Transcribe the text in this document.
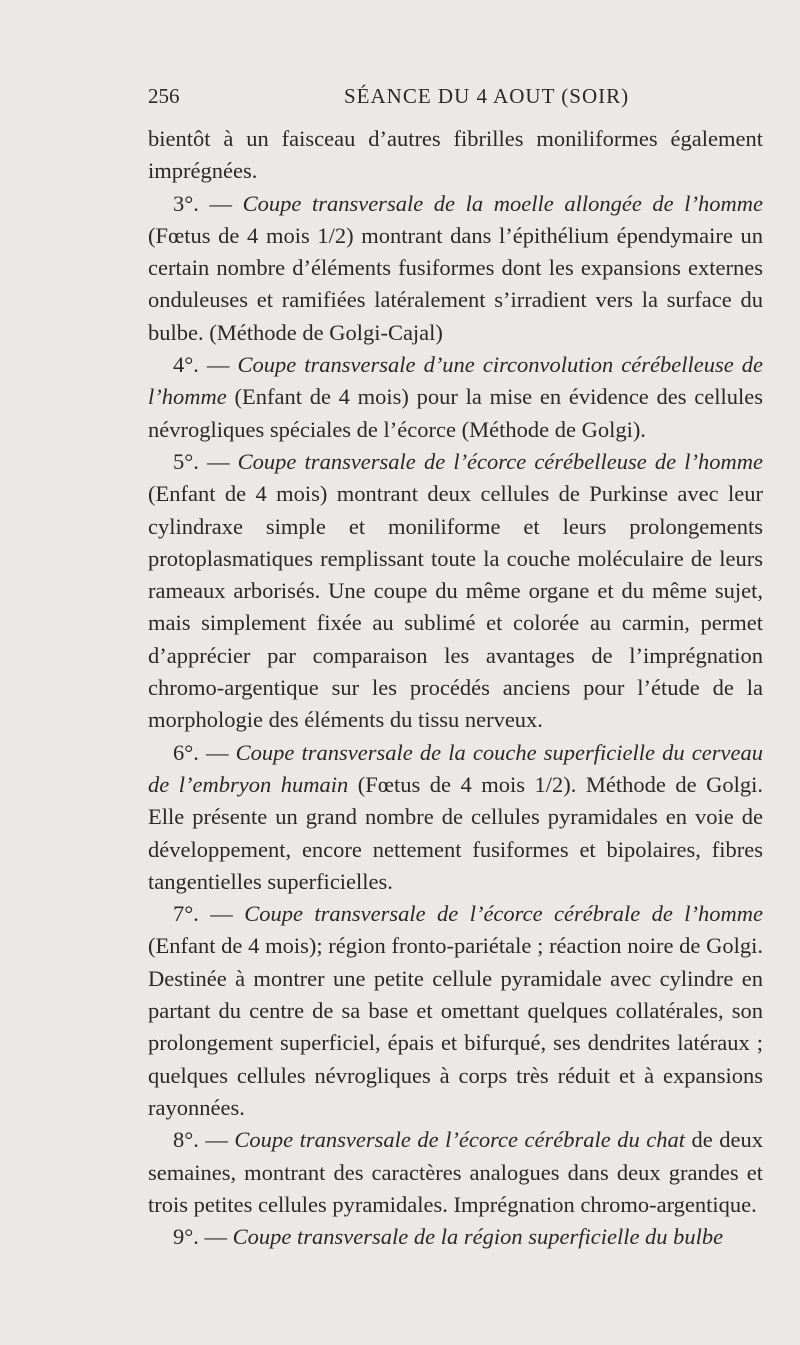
256	SÉANCE DU 4 AOUT (SOIR)

bientôt à un faisceau d’autres fibrilles moniliformes également imprégnées.

3°. — Coupe transversale de la moelle allongée de l’homme (Fœtus de 4 mois 1/2) montrant dans l’épithélium épendymaire un certain nombre d’éléments fusiformes dont les expansions externes onduleuses et ramifiées latéralement s’irradient vers la surface du bulbe. (Méthode de Golgi-Cajal)

4°. — Coupe transversale d’une circonvolution cérébelleuse de l’homme (Enfant de 4 mois) pour la mise en évidence des cellules névrogliques spéciales de l’écorce (Méthode de Golgi).

5°. — Coupe transversale de l’écorce cérébelleuse de l’homme (Enfant de 4 mois) montrant deux cellules de Purkinse avec leur cylindraxe simple et moniliforme et leurs prolongements protoplasmatiques remplissant toute la couche moléculaire de leurs rameaux arborisés. Une coupe du même organe et du même sujet, mais simplement fixée au sublimé et colorée au carmin, permet d’apprécier par comparaison les avantages de l’imprégnation chromo-argentique sur les procédés anciens pour l’étude de la morphologie des éléments du tissu nerveux.

6°. — Coupe transversale de la couche superficielle du cerveau de l’embryon humain (Fœtus de 4 mois 1/2). Méthode de Golgi. Elle présente un grand nombre de cellules pyramidales en voie de développement, encore nettement fusiformes et bipolaires, fibres tangentielles superficielles.

7°. — Coupe transversale de l’écorce cérébrale de l’homme (Enfant de 4 mois); région fronto-pariétale ; réaction noire de Golgi. Destinée à montrer une petite cellule pyramidale avec cylindre en partant du centre de sa base et omettant quelques collatérales, son prolongement superficiel, épais et bifurqué, ses dendrites latéraux ; quelques cellules névrogliques à corps très réduit et à expansions rayonnées.

8°. — Coupe transversale de l’écorce cérébrale du chat de deux semaines, montrant des caractères analogues dans deux grandes et trois petites cellules pyramidales. Imprégnation chromo-argentique.

9°. — Coupe transversale de la région superficielle du bulbe
